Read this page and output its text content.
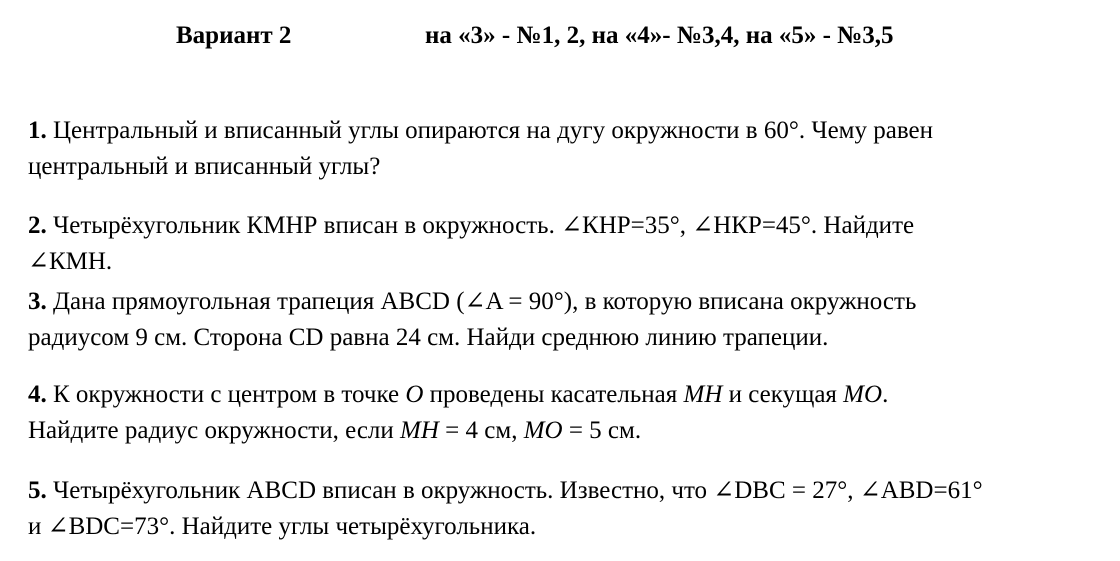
Вариант 2	на «3» - №1, 2, на «4»- №3,4, на «5» - №3,5
1. Центральный и вписанный углы опираются на дугу окружности в 60°. Чему равен
центральный и вписанный углы?
2. Четырёхугольник КМНР вписан в окружность. ∠КНР=35°, ∠НКР=45°. Найдите
∠КМН.
3. Дана прямоугольная трапеция ABCD (∠A = 90°), в которую вписана окружность
радиусом 9 см. Сторона CD равна 24 см. Найди среднюю линию трапеции.
4. К окружности с центром в точке O проведены касательная MH и секущая MO.
Найдите радиус окружности, если MH = 4 см, MO = 5 см.
5. Четырёхугольник ABCD вписан в окружность. Известно, что ∠DBC = 27°, ∠ABD=61°
и ∠BDC=73°. Найдите углы четырёхугольника.
